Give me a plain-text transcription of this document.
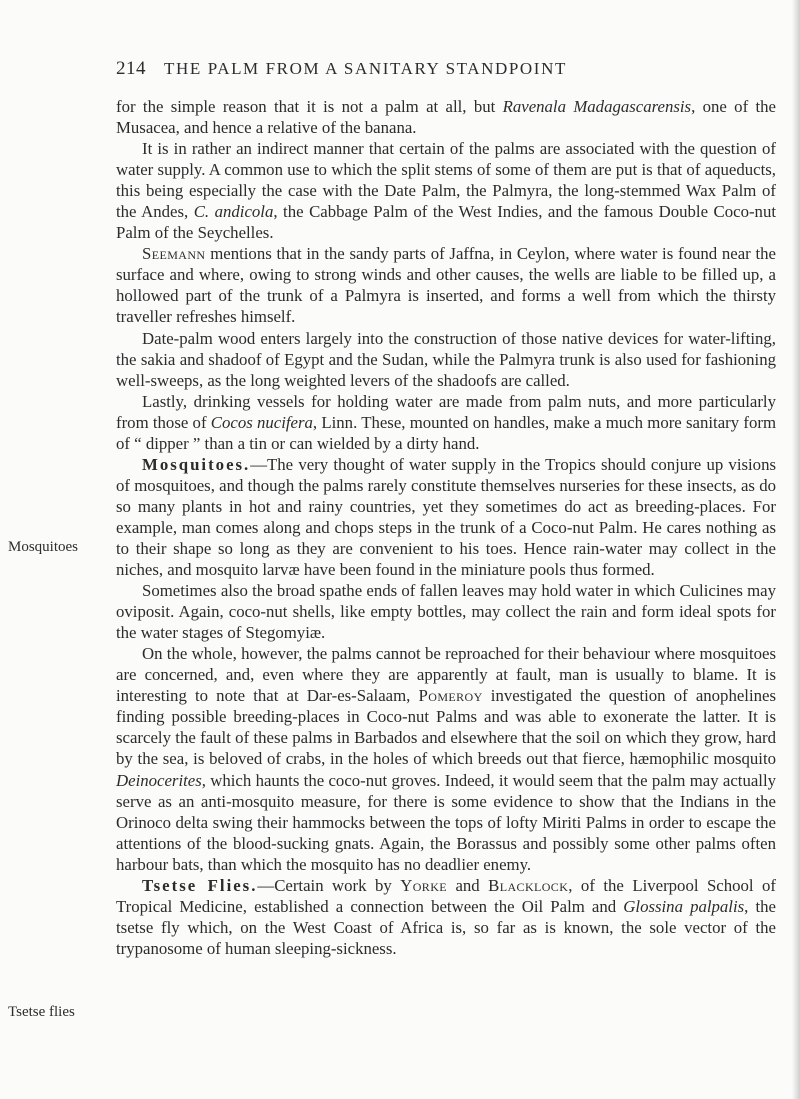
214 THE PALM FROM A SANITARY STANDPOINT
Mosquitoes
Tsetse flies

for the simple reason that it is not a palm at all, but Ravenala Madagascarensis, one of the Musacea, and hence a relative of the banana.

It is in rather an indirect manner that certain of the palms are associated with the question of water supply. A common use to which the split stems of some of them are put is that of aqueducts, this being especially the case with the Date Palm, the Palmyra, the long-stemmed Wax Palm of the Andes, C. andicola, the Cabbage Palm of the West Indies, and the famous Double Coco-nut Palm of the Seychelles.

Seemann mentions that in the sandy parts of Jaffna, in Ceylon, where water is found near the surface and where, owing to strong winds and other causes, the wells are liable to be filled up, a hollowed part of the trunk of a Palmyra is inserted, and forms a well from which the thirsty traveller refreshes himself.

Date-palm wood enters largely into the construction of those native devices for water-lifting, the sakia and shadoof of Egypt and the Sudan, while the Palmyra trunk is also used for fashioning well-sweeps, as the long weighted levers of the shadoofs are called.

Lastly, drinking vessels for holding water are made from palm nuts, and more particularly from those of Cocos nucifera, Linn. These, mounted on handles, make a much more sanitary form of “ dipper ” than a tin or can wielded by a dirty hand.

Mosquitoes.—The very thought of water supply in the Tropics should conjure up visions of mosquitoes, and though the palms rarely constitute themselves nurseries for these insects, as do so many plants in hot and rainy countries, yet they sometimes do act as breeding-places. For example, man comes along and chops steps in the trunk of a Coco-nut Palm. He cares nothing as to their shape so long as they are convenient to his toes. Hence rain-water may collect in the niches, and mosquito larvæ have been found in the miniature pools thus formed.

Sometimes also the broad spathe ends of fallen leaves may hold water in which Culicines may oviposit. Again, coco-nut shells, like empty bottles, may collect the rain and form ideal spots for the water stages of Stegomyiæ.

On the whole, however, the palms cannot be reproached for their behaviour where mosquitoes are concerned, and, even where they are apparently at fault, man is usually to blame. It is interesting to note that at Dar-es-Salaam, Pomeroy investigated the question of anophelines finding possible breeding-places in Coco-nut Palms and was able to exonerate the latter. It is scarcely the fault of these palms in Barbados and elsewhere that the soil on which they grow, hard by the sea, is beloved of crabs, in the holes of which breeds out that fierce, hæmophilic mosquito Deinocerites, which haunts the coco-nut groves. Indeed, it would seem that the palm may actually serve as an anti-mosquito measure, for there is some evidence to show that the Indians in the Orinoco delta swing their hammocks between the tops of lofty Miriti Palms in order to escape the attentions of the blood-sucking gnats. Again, the Borassus and possibly some other palms often harbour bats, than which the mosquito has no deadlier enemy.

Tsetse Flies.—Certain work by Yorke and Blacklock, of the Liverpool School of Tropical Medicine, established a connection between the Oil Palm and Glossina palpalis, the tsetse fly which, on the West Coast of Africa is, so far as is known, the sole vector of the trypanosome of human sleeping-sickness.
